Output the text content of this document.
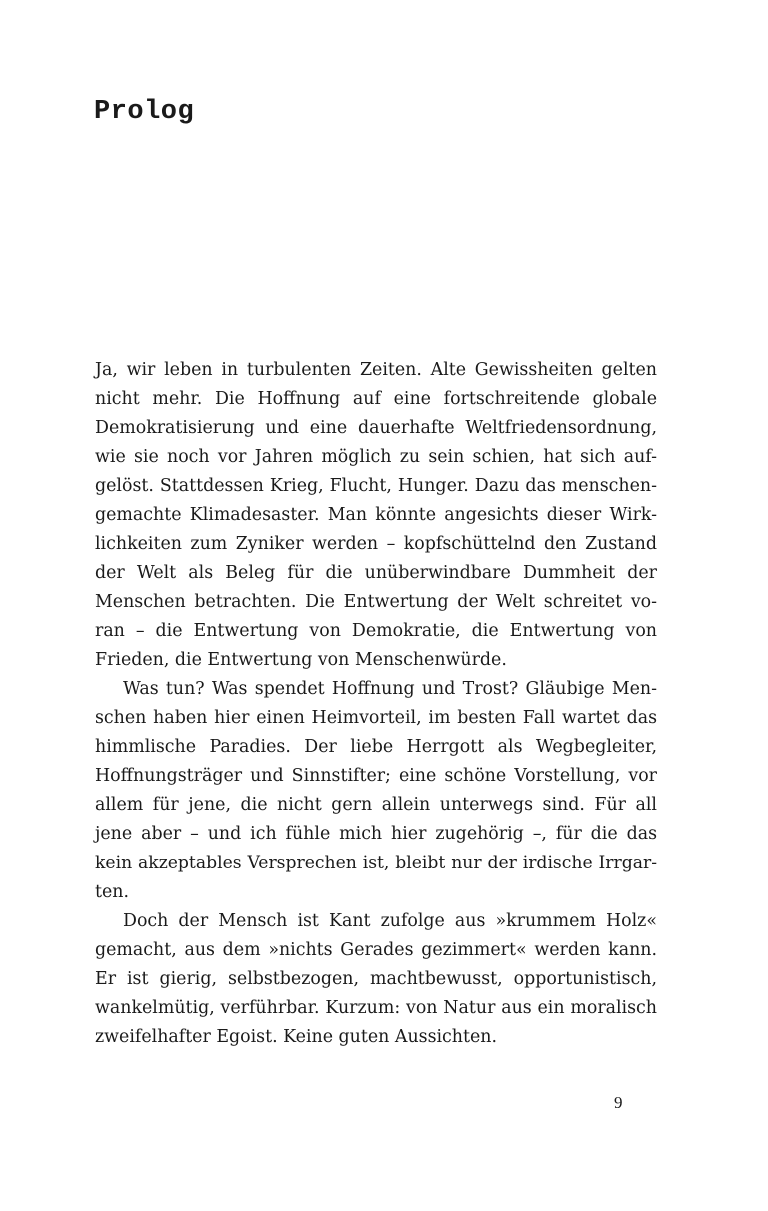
Prolog

Ja, wir leben in turbulenten Zeiten. Alte Gewissheiten gelten
nicht mehr. Die Hoffnung auf eine fortschreitende globale
Demokratisierung und eine dauerhafte Weltfriedensordnung,
wie sie noch vor Jahren möglich zu sein schien, hat sich auf-
gelöst. Stattdessen Krieg, Flucht, Hunger. Dazu das menschen-
gemachte Klimadesaster. Man könnte angesichts dieser Wirk-
lichkeiten zum Zyniker werden – kopfschüttelnd den Zustand
der Welt als Beleg für die unüberwindbare Dummheit der
Menschen betrachten. Die Entwertung der Welt schreitet vo-
ran – die Entwertung von Demokratie, die Entwertung von
Frieden, die Entwertung von Menschenwürde.

Was tun? Was spendet Hoffnung und Trost? Gläubige Men-
schen haben hier einen Heimvorteil, im besten Fall wartet das
himmlische Paradies. Der liebe Herrgott als Wegbegleiter,
Hoffnungsträger und Sinnstifter; eine schöne Vorstellung, vor
allem für jene, die nicht gern allein unterwegs sind. Für all
jene aber – und ich fühle mich hier zugehörig –, für die das
kein akzeptables Versprechen ist, bleibt nur der irdische Irrgar-
ten.

Doch der Mensch ist Kant zufolge aus »krummem Holz«
gemacht, aus dem »nichts Gerades gezimmert« werden kann.
Er ist gierig, selbstbezogen, machtbewusst, opportunistisch,
wankelmütig, verführbar. Kurzum: von Natur aus ein moralisch
zweifelhafter Egoist. Keine guten Aussichten.

9
